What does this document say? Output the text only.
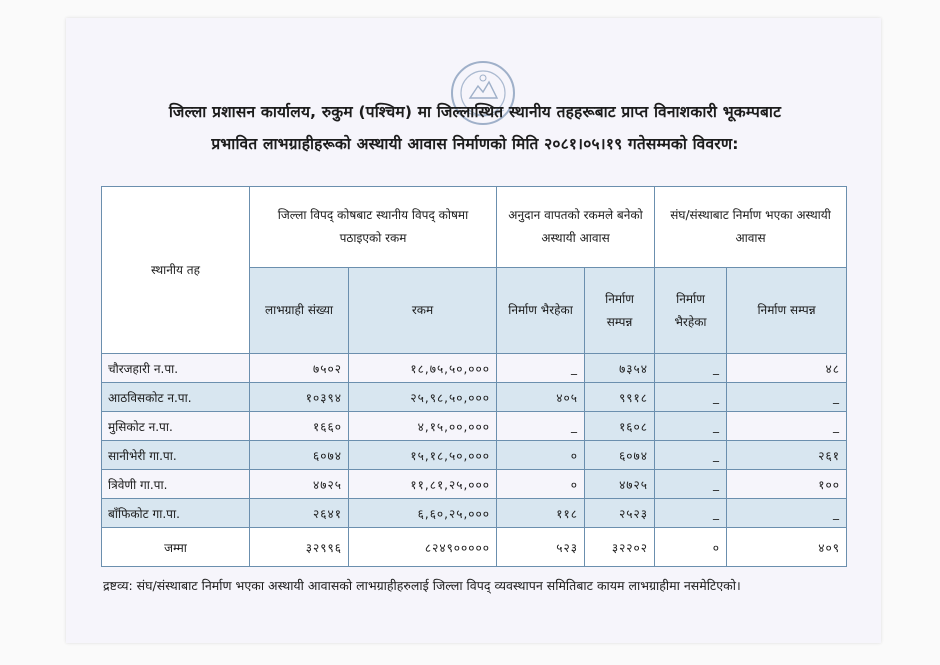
जिल्ला प्रशासन कार्यालय, रुकुम (पश्चिम) मा जिल्लास्थित स्थानीय तहहरूबाट प्राप्त विनाशकारी भूकम्पबाट
प्रभावित लाभग्राहीहरूको अस्थायी आवास निर्माणको मिति २०८१।०५।१९ गतेसम्मको विवरण:
स्थानीय तह	जिल्ला विपद् कोषबाट स्थानीय विपद् कोषमा पठाइएको रकम		अनुदान वापतको रकमले बनेको अस्थायी आवास		संघ/संस्थाबाट निर्माण भएका अस्थायी आवास	
	लाभग्राही संख्या	रकम	निर्माण भैरहेका	निर्माण सम्पन्न	निर्माण भैरहेका	निर्माण सम्पन्न
चौरजहारी न.पा.	७५०२	१८,७५,५०,०००	_	७३५४	_	४८
आठविसकोट न.पा.	१०३९४	२५,९८,५०,०००	४०५	९९१८	_	_
मुसिकोट न.पा.	१६६०	४,१५,००,०००	_	१६०८	_	_
सानीभेरी गा.पा.	६०७४	१५,१८,५०,०००	०	६०७४	_	२६१
त्रिवेणी गा.पा.	४७२५	११,८१,२५,०००	०	४७२५	_	१००
बाँफिकोट गा.पा.	२६४१	६,६०,२५,०००	११८	२५२३	_	_
जम्मा	३२९९६	८२४९०००००	५२३	३२२०२	०	४०९
द्रष्टव्य: संघ/संस्थाबाट निर्माण भएका अस्थायी आवासको लाभग्राहीहरुलाई जिल्ला विपद् व्यवस्थापन समितिबाट कायम लाभग्राहीमा नसमेटिएको।
